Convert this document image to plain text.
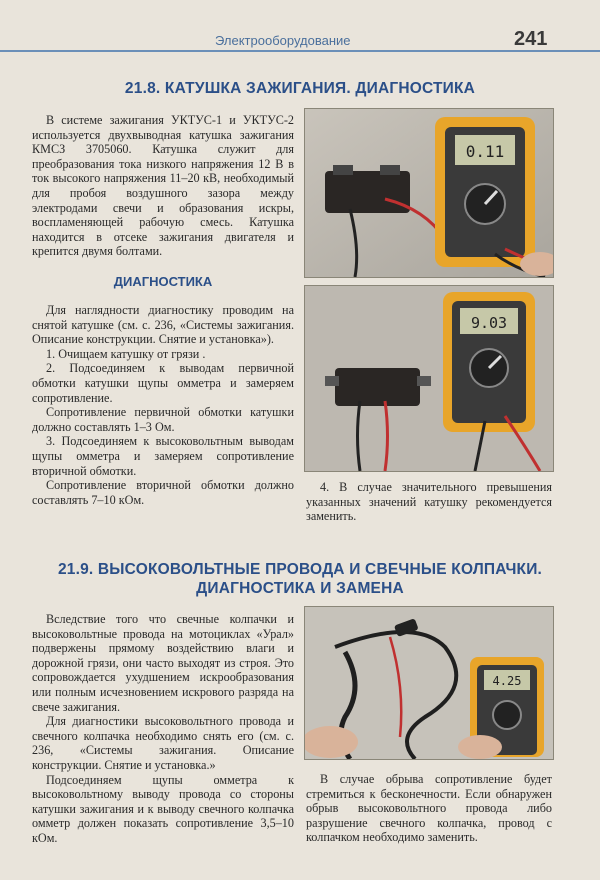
Электрооборудование	241
21.8. КАТУШКА ЗАЖИГАНИЯ. ДИАГНОСТИКА

В системе зажигания УКТУС-1 и УКТУС-2 используется двухвыводная катушка зажигания КМСЗ 3705060. Катушка служит для преобразования тока низкого напряжения 12 В в ток высокого напряжения 11–20 кВ, необходимый для пробоя воздушного зазора между электродами свечи и образования искры, воспламеняющей рабочую смесь. Катушка находится в отсеке зажигания двигателя и крепится двумя болтами.

ДИАГНОСТИКА

Для наглядности диагностику проводим на снятой катушке (см. с. 236, «Системы зажигания. Описание конструкции. Снятие и установка»).

1. Очищаем катушку от грязи .

2. Подсоединяем к выводам первичной обмотки катушки щупы омметра и замеряем сопротивление.

Сопротивление первичной обмотки катушки должно составлять 1–3 Ом.

3. Подсоединяем к высоковольтным выводам щупы омметра и замеряем сопротивление вторичной обмотки.

Сопротивление вторичной обмотки должно составлять 7–10 кОм.

0.11
9.03

4. В случае значительного превышения указанных значений катушку рекомендуется заменить.

21.9. ВЫСОКОВОЛЬТНЫЕ ПРОВОДА И СВЕЧНЫЕ КОЛПАЧКИ.
ДИАГНОСТИКА И ЗАМЕНА

Вследствие того что свечные колпачки и высоковольтные провода на мотоциклах «Урал» подвержены прямому воздействию влаги и дорожной грязи, они часто выходят из строя. Это сопровождается ухудшением искрообразования или полным исчезновением искрового разряда на свече зажигания.

Для диагностики высоковольтного провода и свечного колпачка необходимо снять его (см. с. 236, «Системы зажигания. Описание конструкции. Снятие и установка.»

Подсоединяем щупы омметра к высоковольтному выводу провода со стороны катушки зажигания и к выводу свечного колпачка омметр должен показать сопротивление 3,5–10 кОм.

4.25

В случае обрыва сопротивление будет стремиться к бесконечности. Если обнаружен обрыв высоковольтного провода либо разрушение свечного колпачка, провод с колпачком необходимо заменить.
